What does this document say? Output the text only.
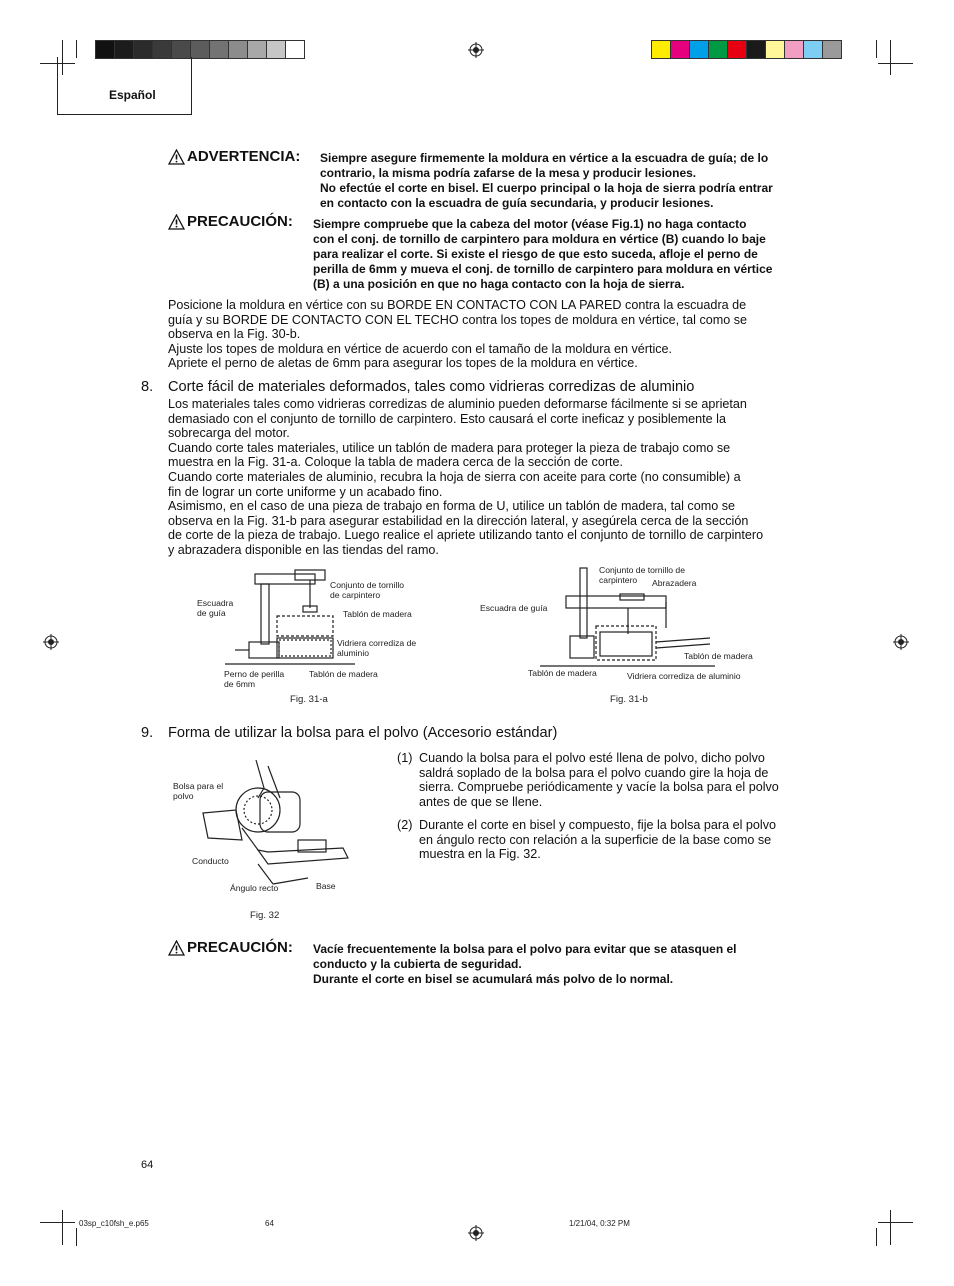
Español
ADVERTENCIA: Siempre asegure firmemente la moldura en vértice a la escuadra de guía; de lo
contrario, la misma podría zafarse de la mesa y producir lesiones.
No efectúe el corte en bisel. El cuerpo principal o la hoja de sierra podría entrar
en contacto con la escuadra de guía secundaria, y producir lesiones.
PRECAUCIÓN: Siempre compruebe que la cabeza del motor (véase Fig.1) no haga contacto
con el conj. de tornillo de carpintero para moldura en vértice (B) cuando lo baje
para realizar el corte. Si existe el riesgo de que esto suceda, afloje el perno de
perilla de 6mm y mueva el conj. de tornillo de carpintero para moldura en vértice
(B) a una posición en que no haga contacto con la hoja de sierra.
Posicione la moldura en vértice con su BORDE EN CONTACTO CON LA PARED contra la escuadra de
guía y su BORDE DE CONTACTO CON EL TECHO contra los topes de moldura en vértice, tal como se
observa en la Fig. 30-b.
Ajuste los topes de moldura en vértice de acuerdo con el tamaño de la moldura en vértice.
Apriete el perno de aletas de 6mm para asegurar los topes de la moldura en vértice.
8. Corte fácil de materiales deformados, tales como vidrieras corredizas de aluminio
Los materiales tales como vidrieras corredizas de aluminio pueden deformarse fácilmente si se aprietan
demasiado con el conjunto de tornillo de carpintero. Esto causará el corte ineficaz y posiblemente la
sobrecarga del motor.
Cuando corte tales materiales, utilice un tablón de madera para proteger la pieza de trabajo como se
muestra en la Fig. 31-a. Coloque la tabla de madera cerca de la sección de corte.
Cuando corte materiales de aluminio, recubra la hoja de sierra con aceite para corte (no consumible) a
fin de lograr un corte uniforme y un acabado fino.
Asimismo, en el caso de una pieza de trabajo en forma de U, utilice un tablón de madera, tal como se
observa en la Fig. 31-b para asegurar estabilidad en la dirección lateral, y asegúrela cerca de la sección
de corte de la pieza de trabajo. Luego realice el apriete utilizando tanto el conjunto de tornillo de carpintero
y abrazadera disponible en las tiendas del ramo.
Conjunto de tornillo
de carpintero
Escuadra
de guía	Tablón de madera
Vidriera corrediza de
aluminio
Perno de perilla
de 6mm
Tablón de madera
Fig. 31-a
Conjunto de tornillo de
carpintero	Abrazadera
Escuadra de guía
Tablón de madera
Tablón de madera	Vidriera corrediza de aluminio
Fig. 31-b
9. Forma de utilizar la bolsa para el polvo (Accesorio estándar)
(1) Cuando la bolsa para el polvo esté llena de polvo, dicho polvo
saldrá soplado de la bolsa para el polvo cuando gire la hoja de
sierra. Compruebe periódicamente y vacíe la bolsa para el polvo
antes de que se llene.
(2) Durante el corte en bisel y compuesto, fije la bolsa para el polvo
en ángulo recto con relación a la superficie de la base como se
muestra en la Fig. 32.
Bolsa para el
polvo
Conducto
Ángulo recto	Base
Fig. 32
PRECAUCIÓN: Vacíe frecuentemente la bolsa para el polvo para evitar que se atasquen el
conducto y la cubierta de seguridad.
Durante el corte en bisel se acumulará más polvo de lo normal.
64
03sp_c10fsh_e.p65	64	1/21/04, 0:32 PM
